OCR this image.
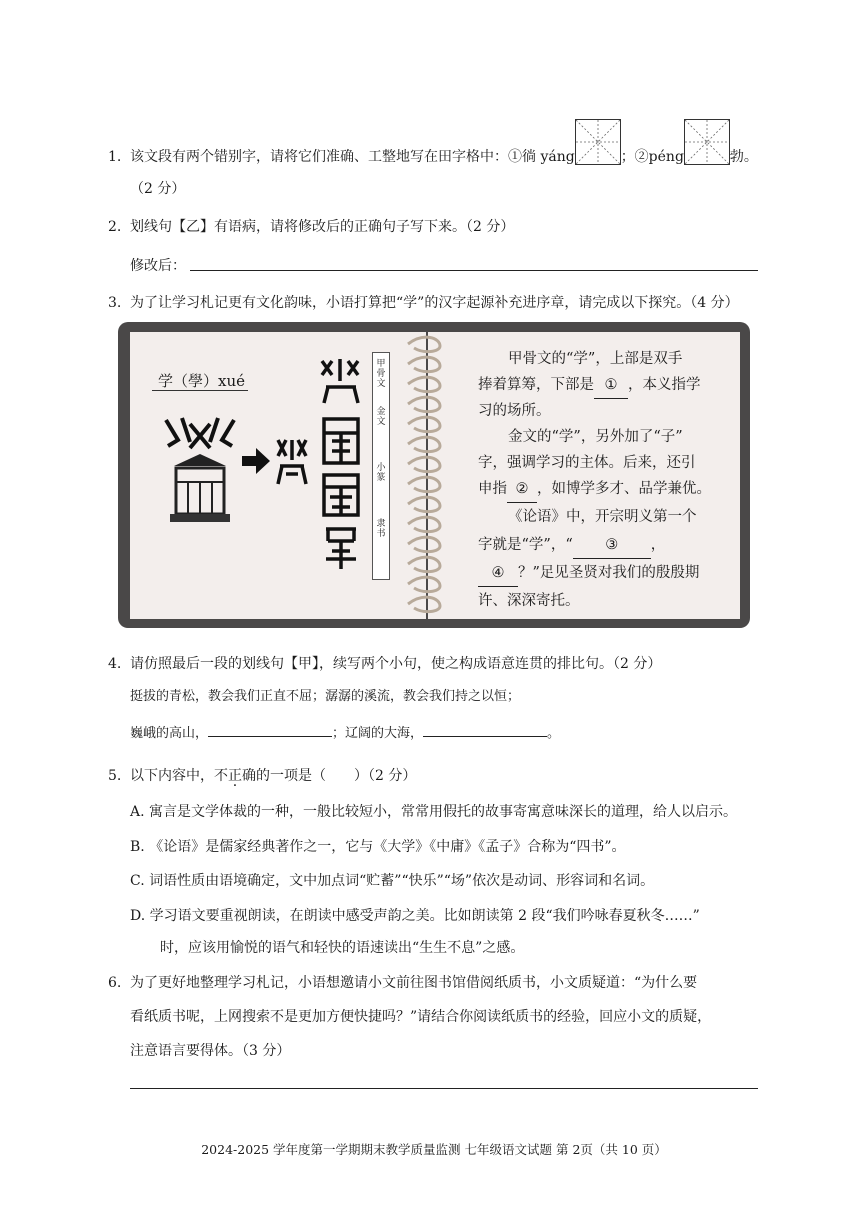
1. 该文段有两个错别字，请将它们准确、工整地写在田字格中：①徜 yáng	；②péng	勃。
（2 分）
2. 划线句【乙】有语病，请将修改后的正确句子写下来。（2 分）
修改后：
3. 为了让学习札记更有文化韵味，小语打算把“学”的汉字起源补充进序章，请完成以下探究。（4 分）
学（學）xué
甲骨文
金文
小篆
隶书
甲骨文的“学”，上部是双手
捧着算筹，下部是 ① ，本义指学
习的场所。
金文的“学”，另外加了“子”
字，强调学习的主体。后来，还引
申指 ② ，如博学多才、品学兼优。
《论语》中，开宗明义第一个
字就是“学”，“ ③ ，
④ ？”足见圣贤对我们的殷殷期
许、深深寄托。
4. 请仿照最后一段的划线句【甲】，续写两个小句，使之构成语意连贯的排比句。（2 分）
挺拔的青松，教会我们正直不屈；潺潺的溪流，教会我们持之以恒；
巍峨的高山，	；辽阔的大海，	。
5. 以下内容中，不正确的一项是（　　）（2 分）
A. 寓言是文学体裁的一种，一般比较短小，常常用假托的故事寄寓意味深长的道理，给人以启示。
B. 《论语》是儒家经典著作之一，它与《大学》《中庸》《孟子》合称为“四书”。
C. 词语性质由语境确定，文中加点词“贮蓄”“快乐”“场”依次是动词、形容词和名词。
D. 学习语文要重视朗读，在朗读中感受声韵之美。比如朗读第 2 段“我们吟咏春夏秋冬……”
时，应该用愉悦的语气和轻快的语速读出“生生不息”之感。
6. 为了更好地整理学习札记，小语想邀请小文前往图书馆借阅纸质书，小文质疑道：“为什么要
看纸质书呢，上网搜索不是更加方便快捷吗？”请结合你阅读纸质书的经验，回应小文的质疑，
注意语言要得体。（3 分）
2024-2025 学年度第一学期期末教学质量监测 七年级语文试题 第 2页（共 10 页）
